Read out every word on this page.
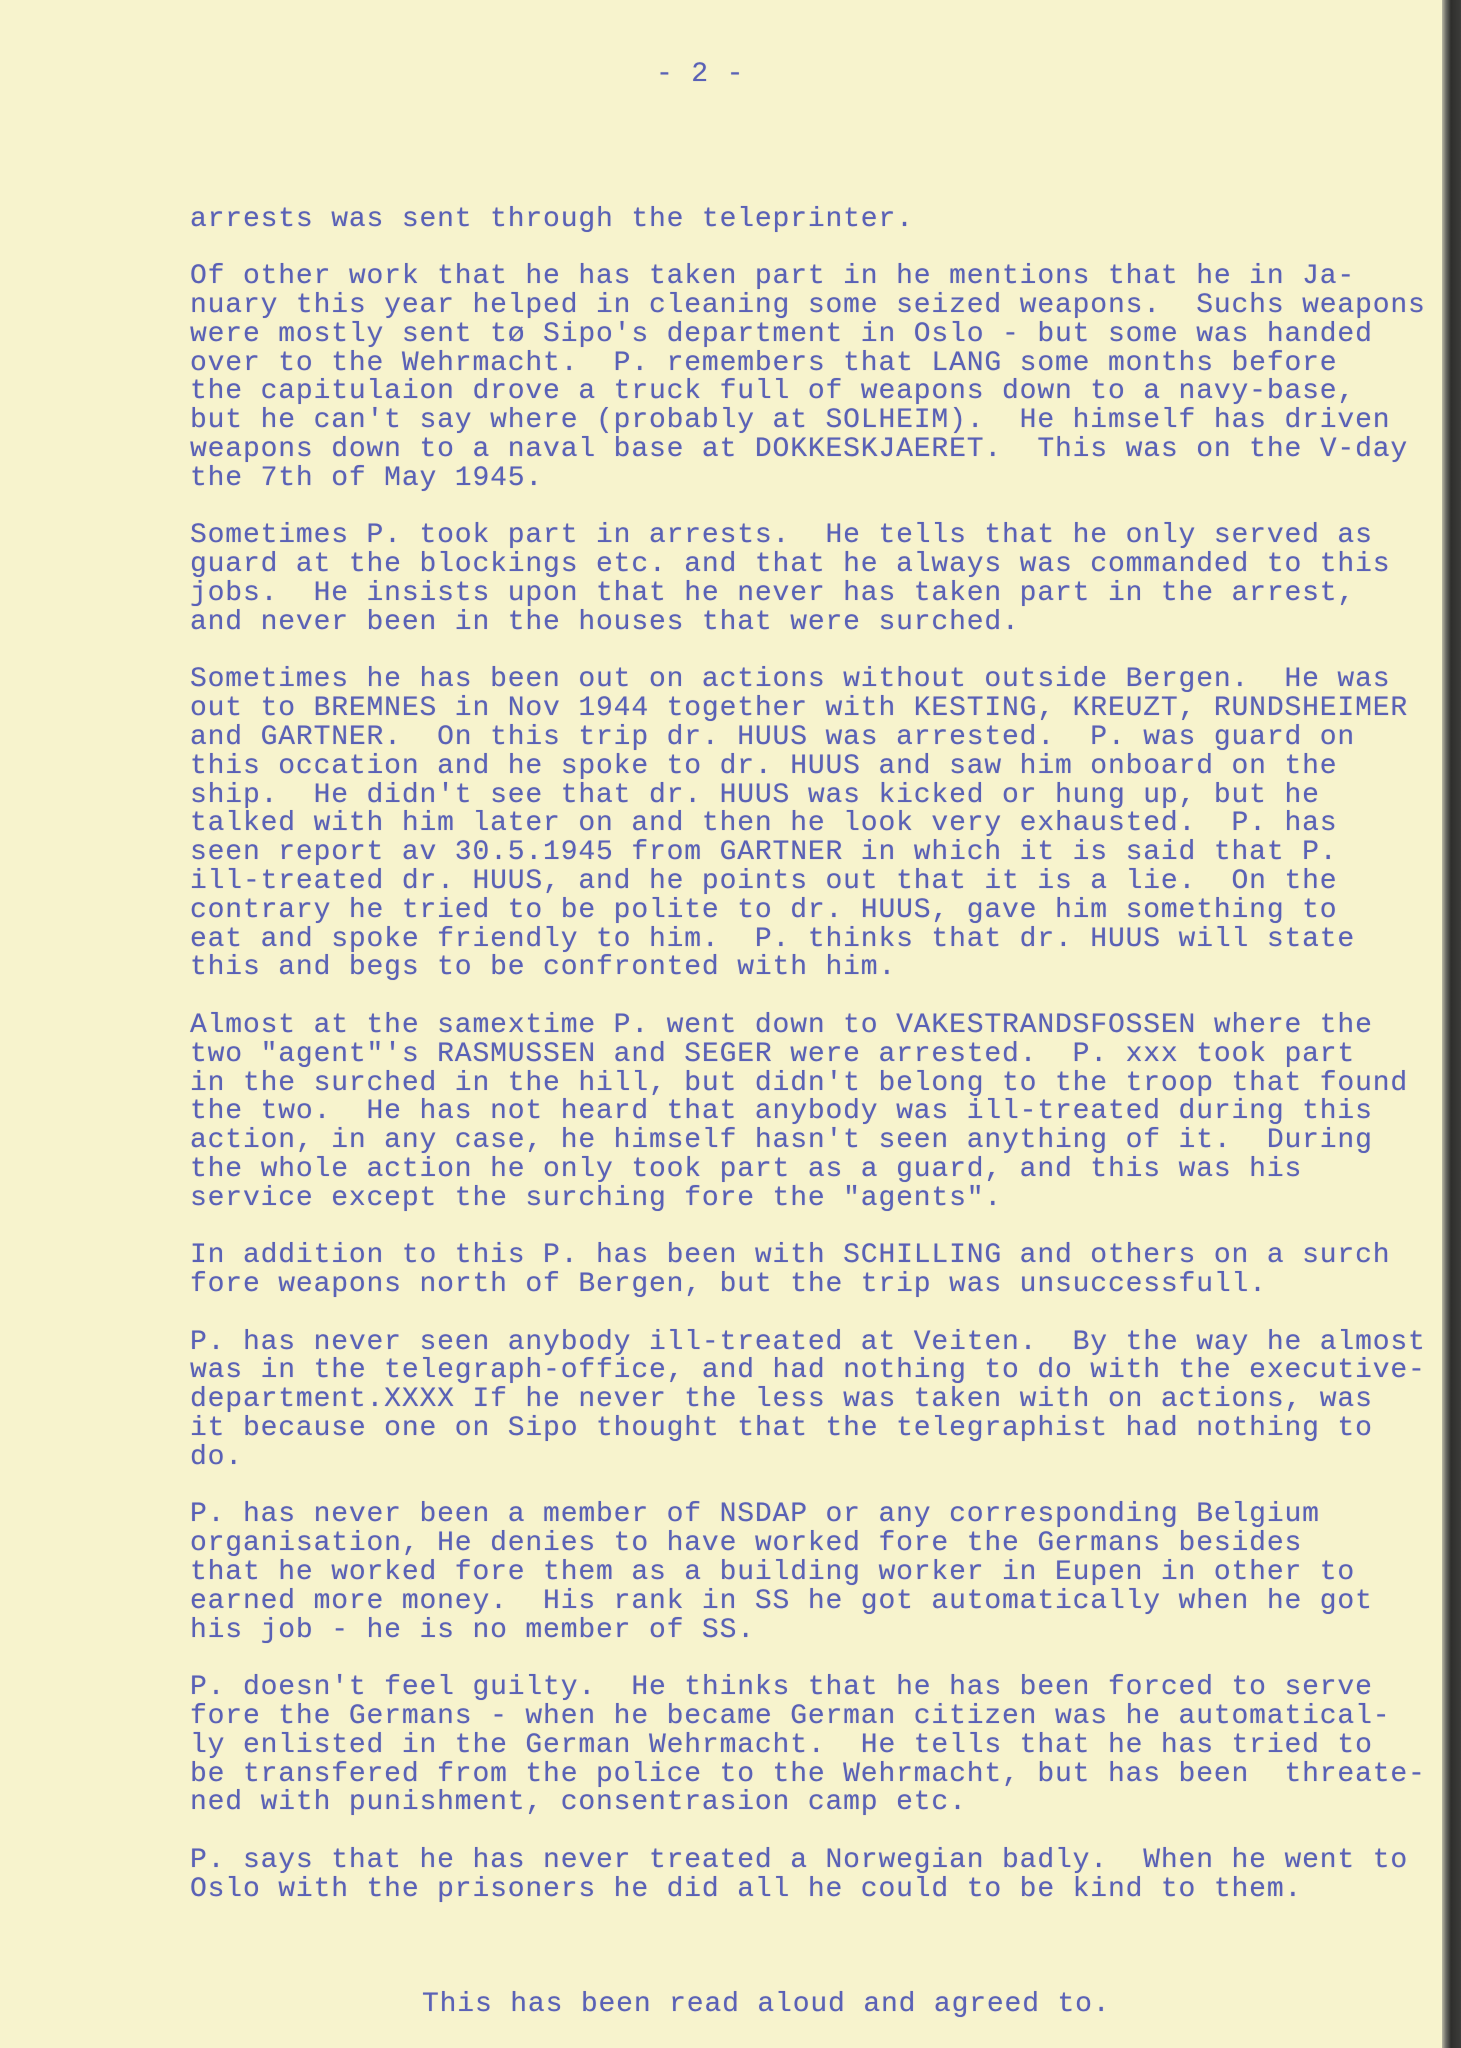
- 2 -

arrests was sent through the teleprinter.
Of other work that he has taken part in he mentions that he in Ja-
nuary this year helped in cleaning some seized weapons.  Suchs weapons
were mostly sent tø Sipo's department in Oslo - but some was handed
over to the Wehrmacht.  P. remembers that LANG some months before
the capitulaion drove a truck full of weapons down to a navy-base,
but he can't say where (probably at SOLHEIM).  He himself has driven
weapons down to a naval base at DOKKESKJAERET.  This was on the V-day
the 7th of May 1945.
Sometimes P. took part in arrests.  He tells that he only served as
guard at the blockings etc. and that he always was commanded to this
jobs.  He insists upon that he never has taken part in the arrest,
and never been in the houses that were surched.
Sometimes he has been out on actions without outside Bergen.  He was
out to BREMNES in Nov 1944 together with KESTING, KREUZT, RUNDSHEIMER
and GARTNER.  On this trip dr. HUUS was arrested.  P. was guard on
this occation and he spoke to dr. HUUS and saw him onboard on the
ship.  He didn't see that dr. HUUS was kicked or hung up, but he
talked with him later on and then he look very exhausted.  P. has
seen report av 30.5.1945 from GARTNER in which it is said that P.
ill-treated dr. HUUS, and he points out that it is a lie.  On the
contrary he tried to be polite to dr. HUUS, gave him something to
eat and spoke friendly to him.  P. thinks that dr. HUUS will state
this and begs to be confronted with him.
Almost at the samextime P. went down to VAKESTRANDSFOSSEN where the
two "agent"'s RASMUSSEN and SEGER were arrested.  P. xxx took part
in the surched in the hill, but didn't belong to the troop that found
the two.  He has not heard that anybody was ill-treated during this
action, in any case, he himself hasn't seen anything of it.  During
the whole action he only took part as a guard, and this was his
service except the surching fore the "agents".
In addition to this P. has been with SCHILLING and others on a surch
fore weapons north of Bergen, but the trip was unsuccessfull.
P. has never seen anybody ill-treated at Veiten.  By the way he almost
was in the telegraph-office, and had nothing to do with the executive-
department.XXXX If he never the less was taken with on actions, was
it because one on Sipo thought that the telegraphist had nothing to
do.
P. has never been a member of NSDAP or any corresponding Belgium
organisation, He denies to have worked fore the Germans besides
that he worked fore them as a building worker in Eupen in other to
earned more money.  His rank in SS he got automatically when he got
his job - he is no member of SS.
P. doesn't feel guilty.  He thinks that he has been forced to serve
fore the Germans - when he became German citizen was he automatical-
ly enlisted in the German Wehrmacht.  He tells that he has tried to
be transfered from the police to the Wehrmacht, but has been  threate-
ned with punishment, consentrasion camp etc.
P. says that he has never treated a Norwegian badly.  When he went to
Oslo with the prisoners he did all he could to be kind to them.

This has been read aloud and agreed to.
